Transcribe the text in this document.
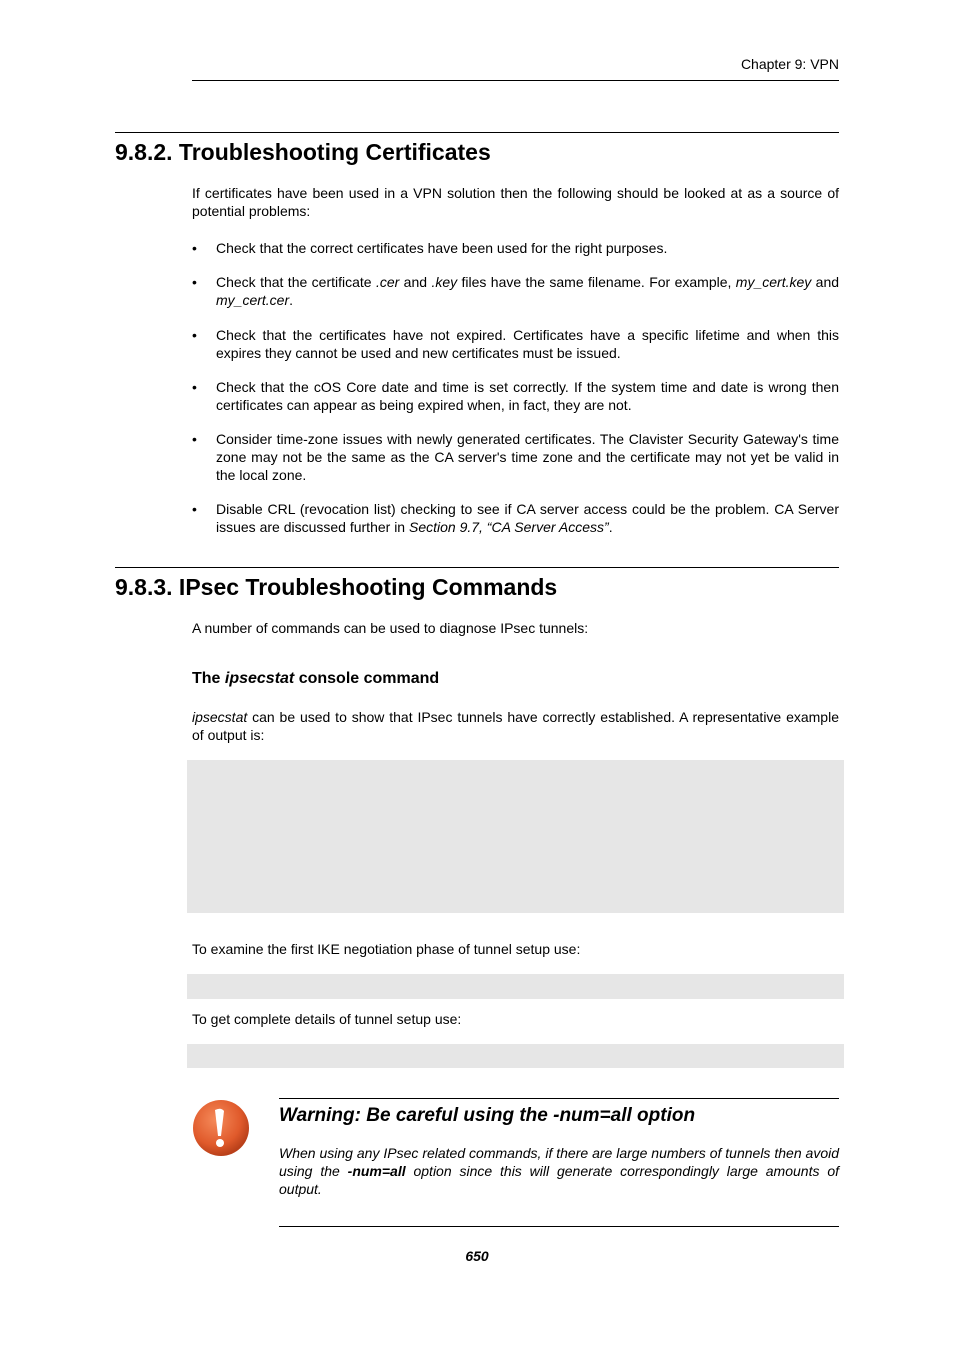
Chapter 9: VPN
9.8.2. Troubleshooting Certificates
If certificates have been used in a VPN solution then the following should be looked at as a source of potential problems:
•	Check that the correct certificates have been used for the right purposes.
•	Check that the certificate .cer and .key files have the same filename. For example, my_cert.key and my_cert.cer.
•	Check that the certificates have not expired. Certificates have a specific lifetime and when this expires they cannot be used and new certificates must be issued.
•	Check that the cOS Core date and time is set correctly. If the system time and date is wrong then certificates can appear as being expired when, in fact, they are not.
•	Consider time-zone issues with newly generated certificates. The Clavister Security Gateway's time zone may not be the same as the CA server's time zone and the certificate may not yet be valid in the local zone.
•	Disable CRL (revocation list) checking to see if CA server access could be the problem. CA Server issues are discussed further in Section 9.7, “CA Server Access”.
9.8.3. IPsec Troubleshooting Commands
A number of commands can be used to diagnose IPsec tunnels:
The ipsecstat console command
ipsecstat can be used to show that IPsec tunnels have correctly established. A representative example of output is:
To examine the first IKE negotiation phase of tunnel setup use:
To get complete details of tunnel setup use:
Warning: Be careful using the -num=all option
When using any IPsec related commands, if there are large numbers of tunnels then avoid using the -num=all option since this will generate correspondingly large amounts of output.
650
